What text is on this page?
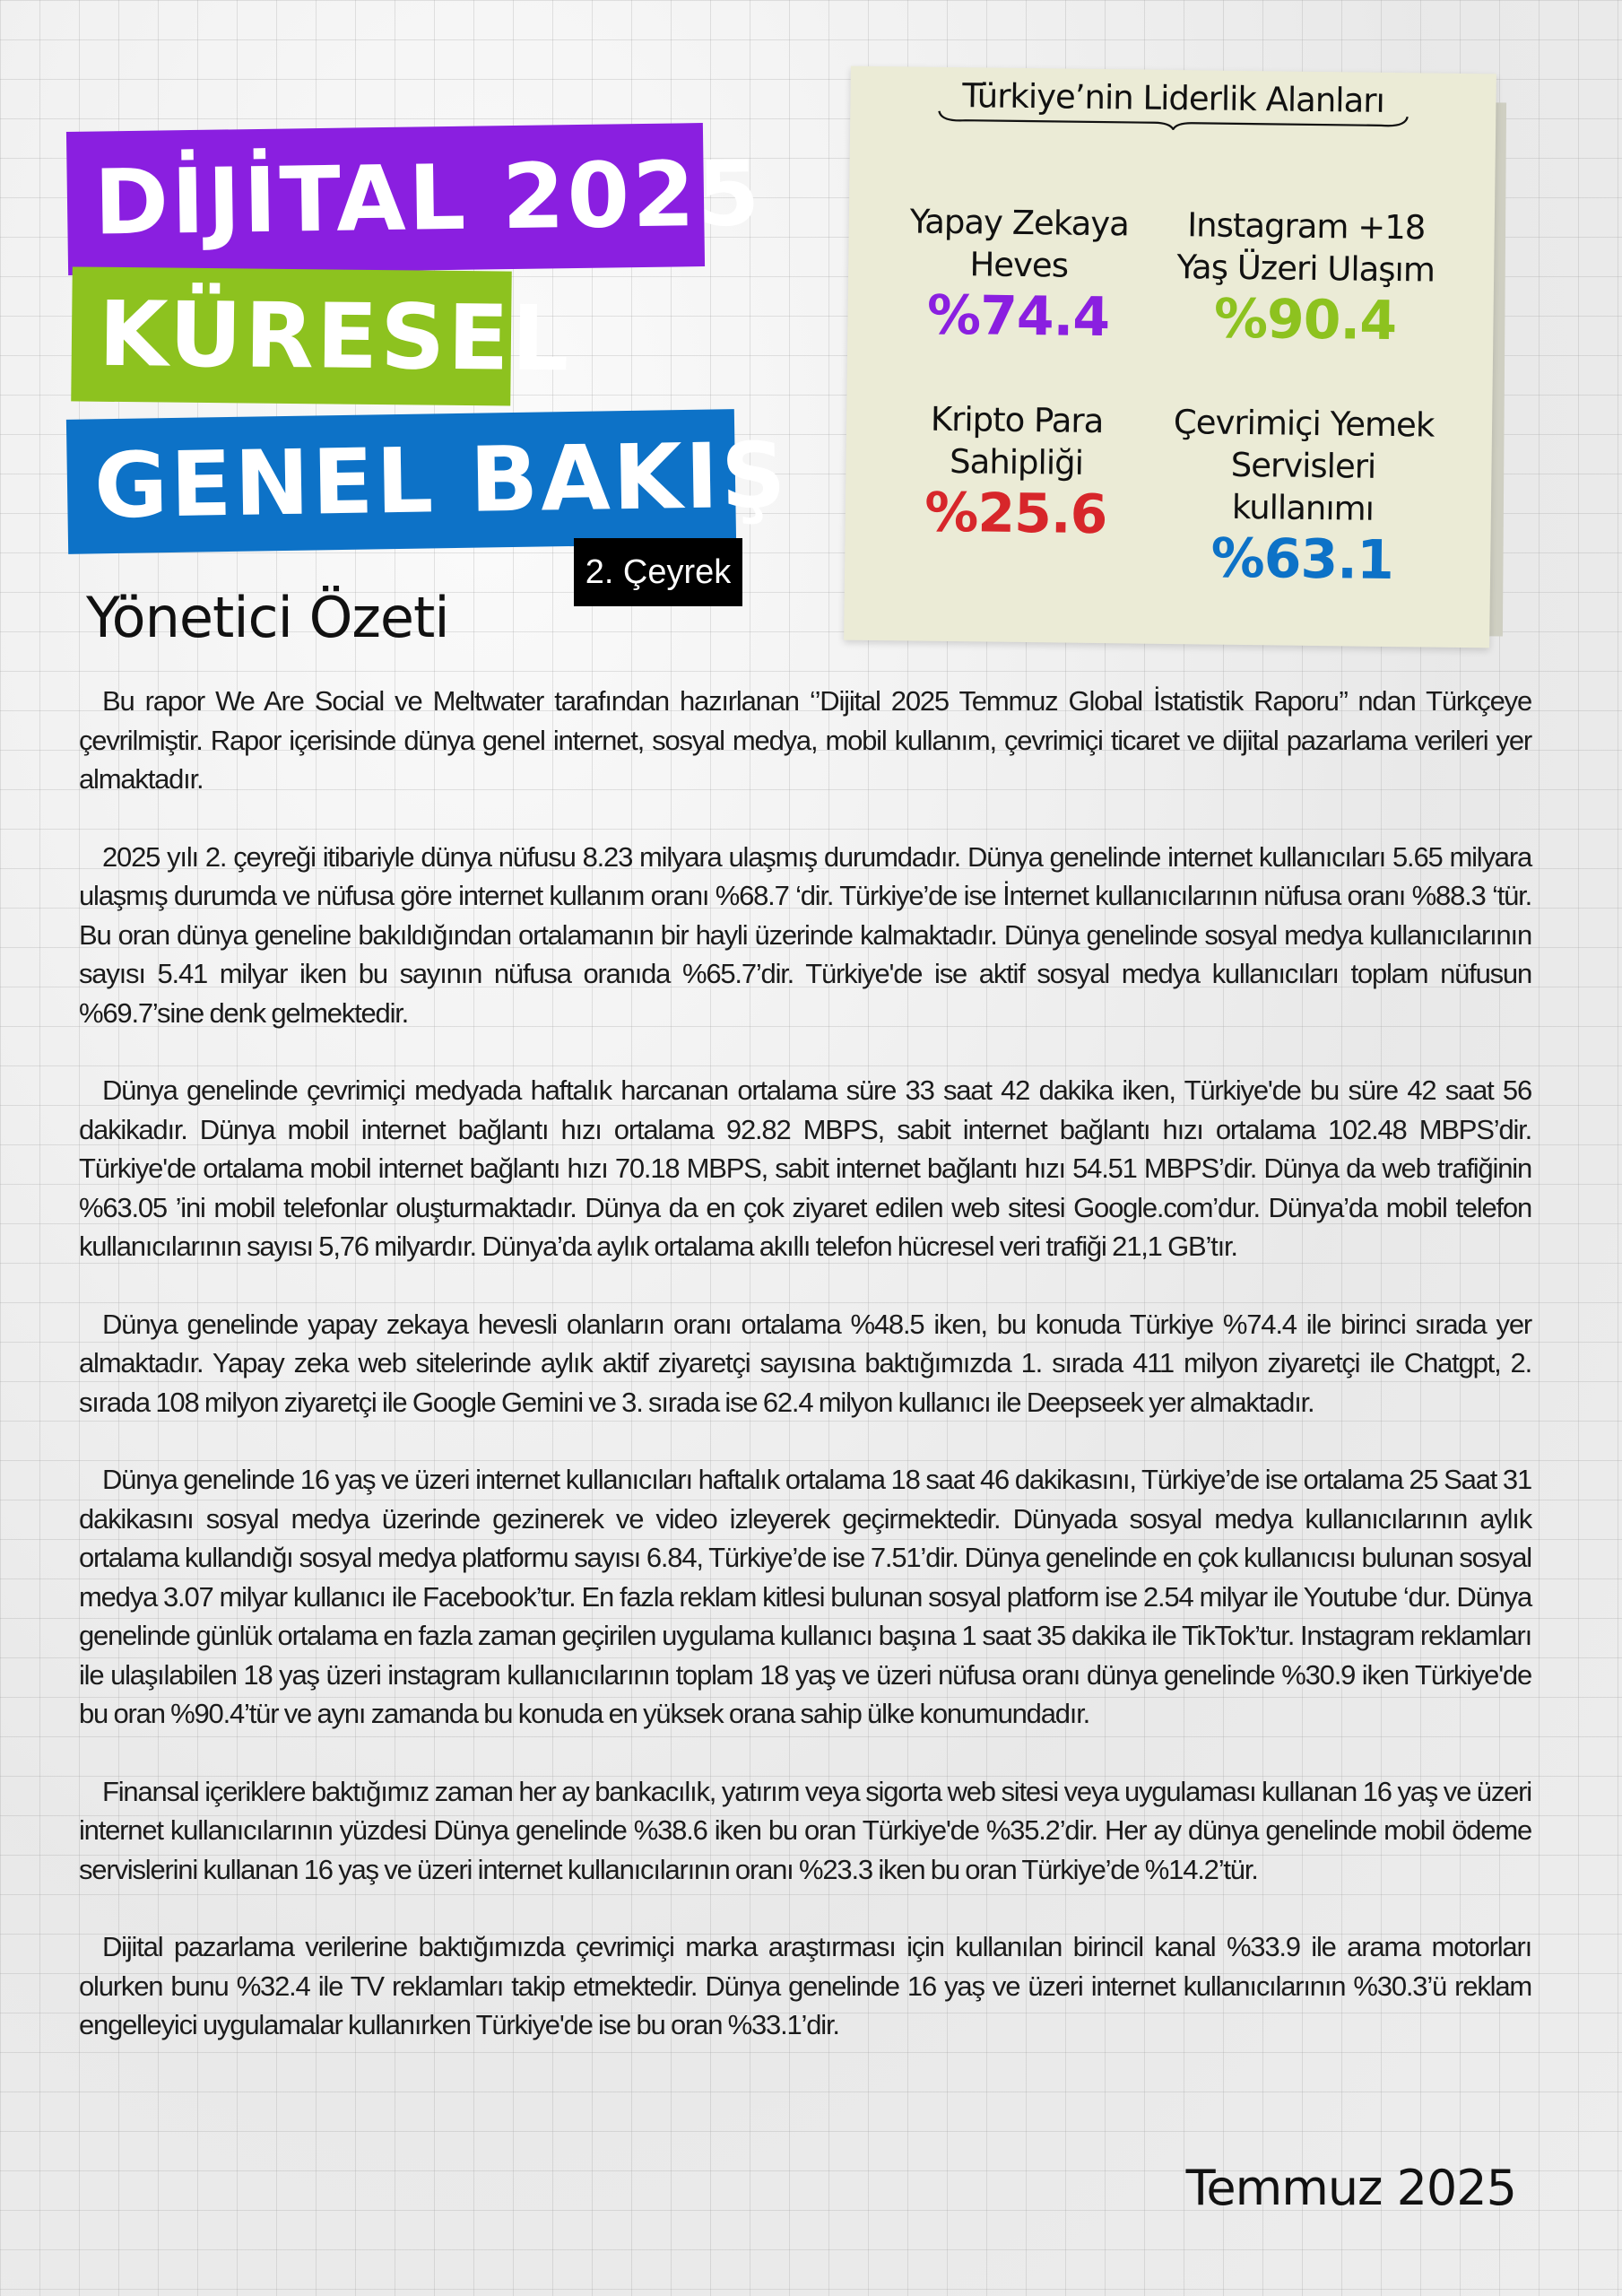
DİJİTAL 2025
KÜRESEL
GENEL BAKIŞ
2. Çeyrek
Yönetici Özeti
Türkiye’nin Liderlik Alanları
Yapay Zekaya Heves
%74.4
Instagram +18 Yaş Üzeri Ulaşım
%90.4
Kripto Para Sahipliği
%25.6
Çevrimiçi Yemek Servisleri kullanımı
%63.1

Bu rapor We Are Social ve Meltwater tarafından hazırlanan ‘’Dijital 2025 Temmuz Global İstatistik Raporu’’ ndan Türkçeye çevrilmiştir. Rapor içerisinde dünya genel internet, sosyal medya, mobil kullanım, çevrimiçi ticaret ve dijital pazarlama verileri yer almaktadır.

2025 yılı 2. çeyreği itibariyle dünya nüfusu 8.23 milyara ulaşmış durumdadır. Dünya genelinde internet kullanıcıları 5.65 milyara ulaşmış durumda ve nüfusa göre internet kullanım oranı %68.7 ‘dir. Türkiye’de ise İnternet kullanıcılarının nüfusa oranı %88.3 ‘tür. Bu oran dünya geneline bakıldığından ortalamanın bir hayli üzerinde kalmaktadır. Dünya genelinde sosyal medya kullanıcılarının sayısı 5.41 milyar iken bu sayının nüfusa oranıda %65.7’dir. Türkiye'de ise aktif sosyal medya kullanıcıları toplam nüfusun %69.7’sine denk gelmektedir.

Dünya genelinde çevrimiçi medyada haftalık harcanan ortalama süre 33 saat 42 dakika iken, Türkiye'de bu süre 42 saat 56 dakikadır. Dünya mobil internet bağlantı hızı ortalama 92.82 MBPS, sabit internet bağlantı hızı ortalama 102.48 MBPS’dir. Türkiye'de ortalama mobil internet bağlantı hızı 70.18 MBPS, sabit internet bağlantı hızı 54.51 MBPS’dir. Dünya da web trafiğinin %63.05 ’ini mobil telefonlar oluşturmaktadır. Dünya da en çok ziyaret edilen web sitesi Google.com’dur. Dünya’da mobil telefon kullanıcılarının sayısı 5,76 milyardır. Dünya’da aylık ortalama akıllı telefon hücresel veri trafiği 21,1 GB’tır.

Dünya genelinde yapay zekaya hevesli olanların oranı ortalama %48.5 iken, bu konuda Türkiye %74.4 ile birinci sırada yer almaktadır. Yapay zeka web sitelerinde aylık aktif ziyaretçi sayısına baktığımızda 1. sırada 411 milyon ziyaretçi ile Chatgpt, 2. sırada 108 milyon ziyaretçi ile Google Gemini ve 3. sırada ise 62.4 milyon kullanıcı ile Deepseek yer almaktadır.

Dünya genelinde 16 yaş ve üzeri internet kullanıcıları haftalık ortalama 18 saat 46 dakikasını, Türkiye’de ise ortalama 25 Saat 31 dakikasını sosyal medya üzerinde gezinerek ve video izleyerek geçirmektedir. Dünyada sosyal medya kullanıcılarının aylık ortalama kullandığı sosyal medya platformu sayısı 6.84, Türkiye’de ise 7.51’dir. Dünya genelinde en çok kullanıcısı bulunan sosyal medya 3.07 milyar kullanıcı ile Facebook’tur. En fazla reklam kitlesi bulunan sosyal platform ise 2.54 milyar ile Youtube ‘dur. Dünya genelinde günlük ortalama en fazla zaman geçirilen uygulama kullanıcı başına 1 saat 35 dakika ile TikTok’tur. Instagram reklamları ile ulaşılabilen 18 yaş üzeri instagram kullanıcılarının toplam 18 yaş ve üzeri nüfusa oranı dünya genelinde %30.9 iken Türkiye'de bu oran %90.4’tür ve aynı zamanda bu konuda en yüksek orana sahip ülke konumundadır.

Finansal içeriklere baktığımız zaman her ay bankacılık, yatırım veya sigorta web sitesi veya uygulaması kullanan 16 yaş ve üzeri internet kullanıcılarının yüzdesi Dünya genelinde %38.6 iken bu oran Türkiye'de %35.2’dir. Her ay dünya genelinde mobil ödeme servislerini kullanan 16 yaş ve üzeri internet kullanıcılarının oranı %23.3 iken bu oran Türkiye’de %14.2’tür.

Dijital pazarlama verilerine baktığımızda çevrimiçi marka araştırması için kullanılan birincil kanal %33.9 ile arama motorları olurken bunu %32.4 ile TV reklamları takip etmektedir. Dünya genelinde 16 yaş ve üzeri internet kullanıcılarının %30.3’ü reklam engelleyici uygulamalar kullanırken Türkiye'de ise bu oran %33.1’dir.

Temmuz 2025
